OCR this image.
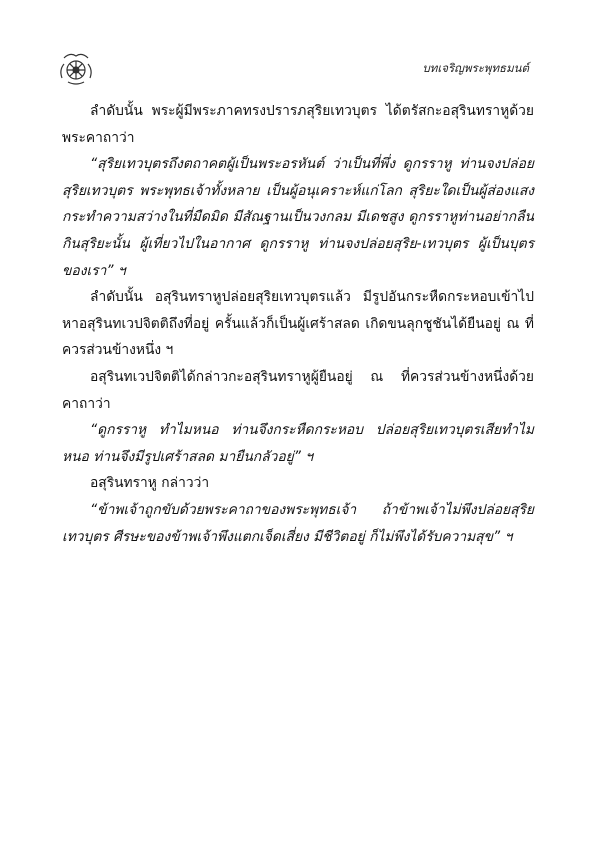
บทเจริญพระพุทธมนต์

ลำดับนั้น พระผู้มีพระภาคทรงปรารภสุริยเทวบุตร ได้ตรัสกะอสุรินทราหูด้วยพระคาถาว่า

“สุริยเทวบุตรถึงตถาคตผู้เป็นพระอรหันต์ ว่าเป็นที่พึ่ง ดูกรราหู ท่านจงปล่อยสุริยเทวบุตร พระพุทธเจ้าทั้งหลาย เป็นผู้อนุเคราะห์แก่โลก สุริยะใดเป็นผู้ส่องแสง กระทำความสว่างในที่มืดมิด มีสัณฐานเป็นวงกลม มีเดชสูง ดูกรราหูท่านอย่ากลืนกินสุริยะนั้น ผู้เที่ยวไปในอากาศ ดูกรราหู ท่านจงปล่อยสุริย-เทวบุตร ผู้เป็นบุตรของเรา” ฯ

ลำดับนั้น อสุรินทราหูปล่อยสุริยเทวบุตรแล้ว มีรูปอันกระหืดกระหอบเข้าไปหาอสุรินทเวปจิตติถึงที่อยู่ ครั้นแล้วก็เป็นผู้เศร้าสลด เกิดขนลุกชูชันได้ยืนอยู่ ณ ที่ควรส่วนข้างหนึ่ง ฯ

อสุรินทเวปจิตติได้กล่าวกะอสุรินทราหูผู้ยืนอยู่ ณ ที่ควรส่วนข้างหนึ่งด้วยคาถาว่า

“ดูกรราหู ทำไมหนอ ท่านจึงกระหืดกระหอบ ปล่อยสุริยเทวบุตรเสียทำไมหนอ ท่านจึงมีรูปเศร้าสลด มายืนกลัวอยู่” ฯ

อสุรินทราหู กล่าวว่า

“ข้าพเจ้าถูกขับด้วยพระคาถาของพระพุทธเจ้า ถ้าข้าพเจ้าไม่พึงปล่อยสุริยเทวบุตร ศีรษะของข้าพเจ้าพึงแตกเจ็ดเสี่ยง มีชีวิตอยู่ ก็ไม่พึงได้รับความสุข” ฯ
